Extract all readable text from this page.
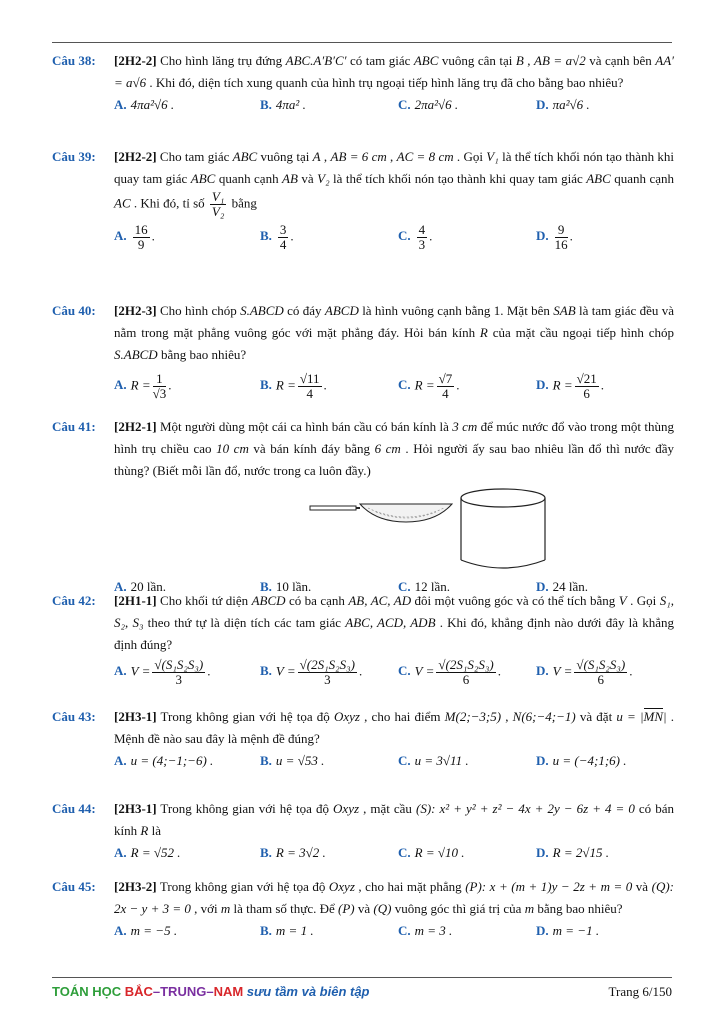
Câu 38: [2H2-2] Cho hình lăng trụ đứng ABC.A′B′C′ có tam giác ABC vuông cân tại B , AB = a√2 và cạnh bên AA′ = a√6 . Khi đó, diện tích xung quanh của hình trụ ngoại tiếp hình lăng trụ đã cho bằng bao nhiêu?
A. 4πa²√6 .	B. 4πa² .	C. 2πa²√6 .	D. πa²√6 .
Câu 39: [2H2-2] Cho tam giác ABC vuông tại A , AB = 6 cm , AC = 8 cm . Gọi V₁ là thể tích khối nón tạo thành khi quay tam giác ABC quanh cạnh AB và V₂ là thể tích khối nón tạo thành khi quay tam giác ABC quanh cạnh AC . Khi đó, tỉ số $\frac{\text{V₁}}{\text{V₂}}$ bằng
A. $\frac{16}{9}$ .	B. $\frac{3}{4}$ .	C. $\frac{4}{3}$ .	D. $\frac{9}{16}$ .
Câu 40: [2H2-3] Cho hình chóp S.ABCD có đáy ABCD là hình vuông cạnh bằng 1. Mặt bên SAB là tam giác đều và nằm trong mặt phẳng vuông góc với mặt phẳng đáy. Hỏi bán kính R của mặt cầu ngoại tiếp hình chóp S.ABCD bằng bao nhiêu?
A. $R = \frac{1}{√3}$ .	B. $R = \frac{√11}{4}$ .	C. $R = \frac{√7}{4}$ .	D. $R = \frac{√21}{6}$ .
Câu 41: [2H2-1] Một người dùng một cái ca hình bán cầu có bán kính là 3 cm để múc nước đổ vào trong một thùng hình trụ chiều cao 10 cm và bán kính đáy bằng 6 cm . Hỏi người ấy sau bao nhiêu lần đổ thì nước đầy thùng? (Biết mỗi lần đổ, nước trong ca luôn đầy.)
A. 20 lần.	B. 10 lần.	C. 12 lần.	D. 24 lần.
Câu 42: [2H1-1] Cho khối tứ diện ABCD có ba cạnh AB, AC, AD đôi một vuông góc và có thể tích bằng V . Gọi S₁, S₂, S₃ theo thứ tự là diện tích các tam giác ABC, ACD, ADB . Khi đó, khẳng định nào dưới đây là khẳng định đúng?
A. $V = \frac{\text{√(S₁S₂S₃)}}{3}$ .	B. $V = \frac{\text{√(2S₁S₂S₃)}}{3}$ .	C. $V = \frac{\text{√(2S₁S₂S₃)}}{6}$ .	D. $V = \frac{\text{√(S₁S₂S₃)}}{6}$ .
Câu 43: [2H3-1] Trong không gian với hệ tọa độ Oxyz , cho hai điểm M(2;−3;5) , N(6;−4;−1) và đặt u = |MN| . Mệnh đề nào sau đây là mệnh đề đúng?
A. u = (4;−1;−6) .	B. u = √53 .	C. u = 3√11 .	D. u = (−4;1;6) .
Câu 44: [2H3-1] Trong không gian với hệ tọa độ Oxyz , mặt cầu (S): x² + y² + z² − 4x + 2y − 6z + 4 = 0 có bán kính R là
A. R = √52 .	B. R = 3√2 .	C. R = √10 .	D. R = 2√15 .
Câu 45: [2H3-2] Trong không gian với hệ tọa độ Oxyz , cho hai mặt phẳng (P): x + (m + 1)y − 2z + m = 0 và (Q): 2x − y + 3 = 0 , với m là tham số thực. Để (P) và (Q) vuông góc thì giá trị của m bằng bao nhiêu?
A. m = −5 .	B. m = 1 .	C. m = 3 .	D. m = −1 .
TOÁN HỌC BẮC–TRUNG–NAM sưu tầm và biên tập	Trang 6/150
